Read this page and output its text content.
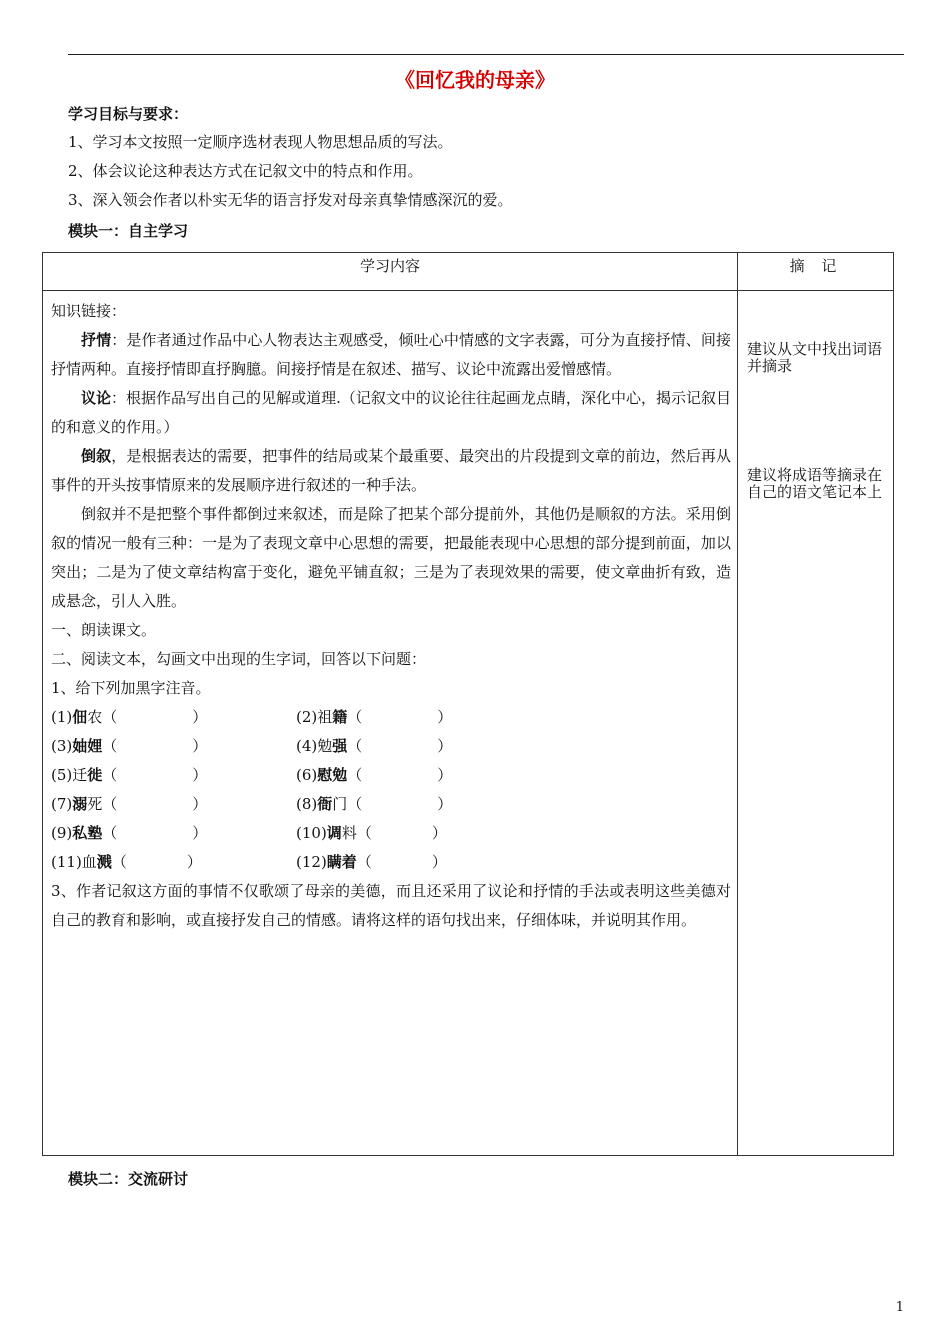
《回忆我的母亲》
学习目标与要求：
1、学习本文按照一定顺序选材表现人物思想品质的写法。
2、体会议论这种表达方式在记叙文中的特点和作用。
3、深入领会作者以朴实无华的语言抒发对母亲真挚情感深沉的爱。
模块一：自主学习
学习内容	摘 记

知识链接：

抒情：是作者通过作品中心人物表达主观感受，倾吐心中情感的文字表露，可分为直接抒情、间接抒情两种。直接抒情即直抒胸臆。间接抒情是在叙述、描写、议论中流露出爱憎感情。

议论：根据作品写出自己的见解或道理.（记叙文中的议论往往起画龙点睛，深化中心，揭示记叙目的和意义的作用。）

倒叙，是根据表达的需要，把事件的结局或某个最重要、最突出的片段提到文章的前边，然后再从事件的开头按事情原来的发展顺序进行叙述的一种手法。

倒叙并不是把整个事件都倒过来叙述，而是除了把某个部分提前外，其他仍是顺叙的方法。采用倒叙的情况一般有三种：一是为了表现文章中心思想的需要，把最能表现中心思想的部分提到前面，加以突出；二是为了使文章结构富于变化，避免平铺直叙；三是为了表现效果的需要，使文章曲折有致，造成悬念，引人入胜。

一、朗读课文。

二、阅读文本，勾画文中出现的生字词，回答以下问题：

1、给下列加黑字注音。

(1)佃农（　　　　　）	(2)祖籍（　　　　　）
(3)妯娌（　　　　　）	(4)勉强（　　　　　）
(5)迁徙（　　　　　）	(6)慰勉（　　　　　）
(7)溺死（　　　　　）	(8)衙门（　　　　　）
(9)私塾（　　　　　）	(10)调料（　　　　）
(11)血溅（　　　　）	(12)瞒着（　　　　）

3、作者记叙这方面的事情不仅歌颂了母亲的美德，而且还采用了议论和抒情的手法或表明这些美德对自己的教育和影响，或直接抒发自己的情感。请将这样的语句找出来，仔细体味，并说明其作用。

建议从文中找出词语并摘录
建议将成语等摘录在自己的语文笔记本上
模块二：交流研讨
1
